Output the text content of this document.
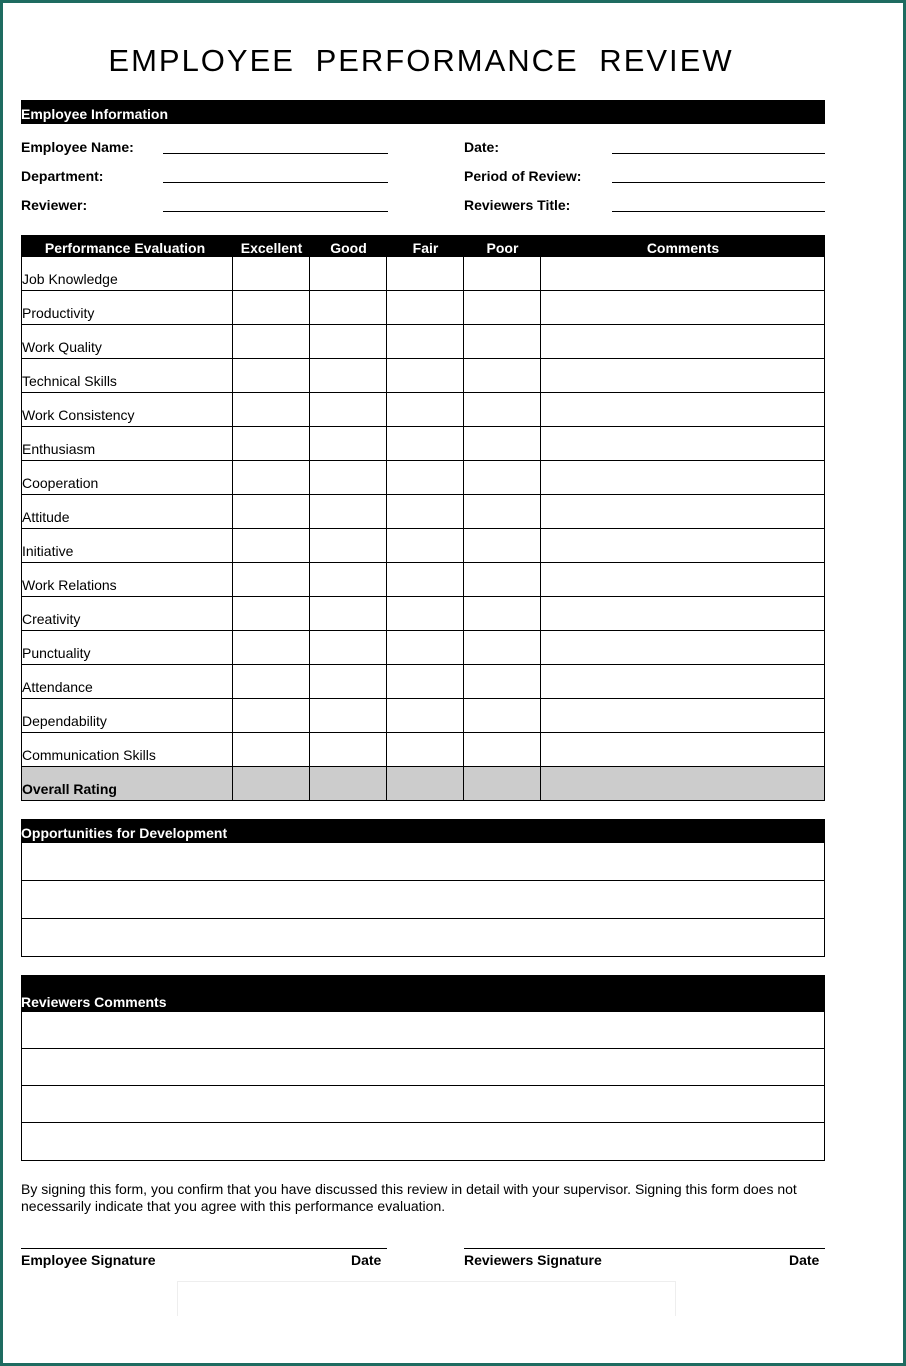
EMPLOYEE PERFORMANCE REVIEW
Employee Information
Employee Name:
Department:
Reviewer:
Date:
Period of Review:
Reviewers Title:
Performance Evaluation	Excellent	Good	Fair	Poor	Comments
Job Knowledge
Productivity
Work Quality
Technical Skills
Work Consistency
Enthusiasm
Cooperation
Attitude
Initiative
Work Relations
Creativity
Punctuality
Attendance
Dependability
Communication Skills
Overall Rating
Opportunities for Development
Reviewers Comments
By signing this form, you confirm that you have discussed this review in detail with your supervisor. Signing this form does not necessarily indicate that you agree with this performance evaluation.
Employee Signature	Date	Reviewers Signature	Date
